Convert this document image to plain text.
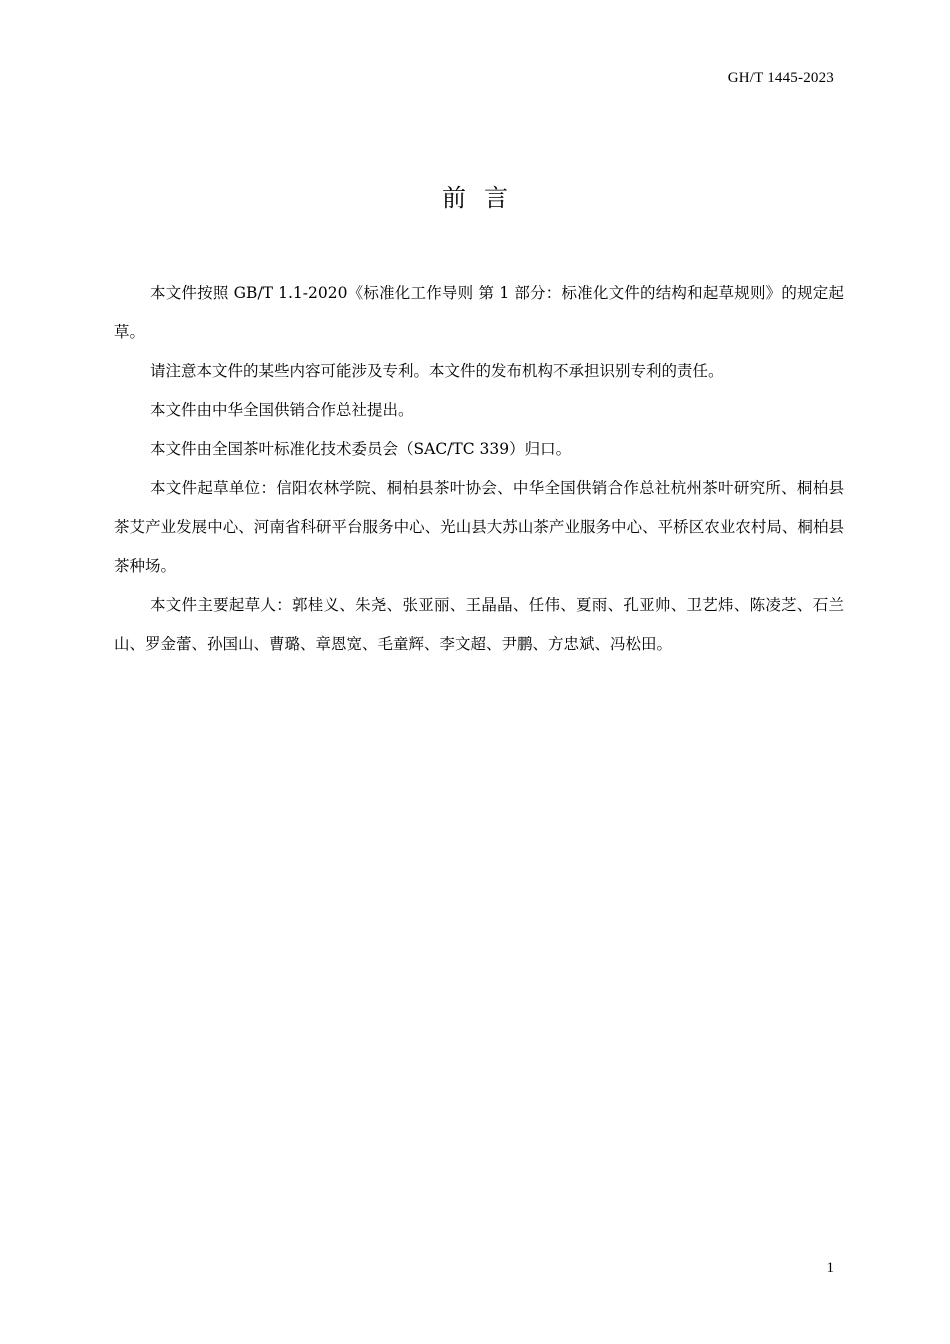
GH/T 1445-2023
前言

本文件按照 GB/T 1.1-2020《标准化工作导则 第 1 部分：标准化文件的结构和起草规则》的规定起草。

请注意本文件的某些内容可能涉及专利。本文件的发布机构不承担识别专利的责任。

本文件由中华全国供销合作总社提出。

本文件由全国茶叶标准化技术委员会（SAC/TC 339）归口。

本文件起草单位：信阳农林学院、桐柏县茶叶协会、中华全国供销合作总社杭州茶叶研究所、桐柏县茶艾产业发展中心、河南省科研平台服务中心、光山县大苏山茶产业服务中心、平桥区农业农村局、桐柏县茶种场。

本文件主要起草人：郭桂义、朱尧、张亚丽、王晶晶、任伟、夏雨、孔亚帅、卫艺炜、陈凌芝、石兰山、罗金蕾、孙国山、曹璐、章恩宽、毛童辉、李文超、尹鹏、方忠斌、冯松田。

1
